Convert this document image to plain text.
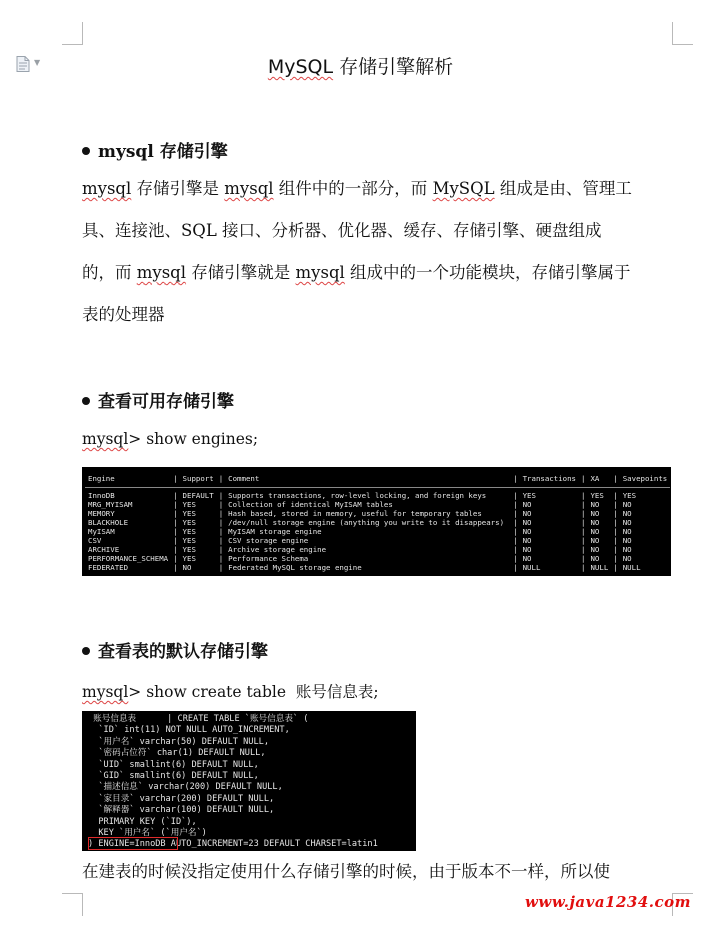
▼	MySQL 存储引擎解析
mysql 存储引擎
mysql 存储引擎是 mysql 组件中的一部分，而 MySQL 组成是由、管理工
具、连接池、SQL 接口、分析器、优化器、缓存、存储引擎、硬盘组成
的，而 mysql 存储引擎就是 mysql 组成中的一个功能模块，存储引擎属于
表的处理器
查看可用存储引擎
mysql> show engines;
Engine	|	Support	|	Comment	|	Transactions	|	XA	|	Savepoints

InnoDB	|	DEFAULT	|	Supports transactions, row-level locking, and foreign keys	|	YES	|	YES	|	YES
MRG_MYISAM	|	YES	|	Collection of identical MyISAM tables	|	NO	|	NO	|	NO
MEMORY	|	YES	|	Hash based, stored in memory, useful for temporary tables	|	NO	|	NO	|	NO
BLACKHOLE	|	YES	|	/dev/null storage engine (anything you write to it disappears)	|	NO	|	NO	|	NO
MyISAM	|	YES	|	MyISAM storage engine	|	NO	|	NO	|	NO
CSV	|	YES	|	CSV storage engine	|	NO	|	NO	|	NO
ARCHIVE	|	YES	|	Archive storage engine	|	NO	|	NO	|	NO
PERFORMANCE_SCHEMA	|	YES	|	Performance Schema	|	NO	|	NO	|	NO
FEDERATED	|	NO	|	Federated MySQL storage engine	|	NULL	|	NULL	|	NULL
查看表的默认存储引擎
mysql> show create table  账号信息表;
账号信息表      | CREATE TABLE `账号信息表` (
`ID` int(11) NOT NULL AUTO_INCREMENT,
`用户名` varchar(50) DEFAULT NULL,
`密码占位符` char(1) DEFAULT NULL,
`UID` smallint(6) DEFAULT NULL,
`GID` smallint(6) DEFAULT NULL,
`描述信息` varchar(200) DEFAULT NULL,
`家目录` varchar(200) DEFAULT NULL,
`解释器` varchar(100) DEFAULT NULL,
PRIMARY KEY (`ID`),
KEY `用户名` (`用户名`)
) ENGINE=InnoDB AUTO_INCREMENT=23 DEFAULT CHARSET=latin1
在建表的时候没指定使用什么存储引擎的时候，由于版本不一样，所以使
www.java1234.com
